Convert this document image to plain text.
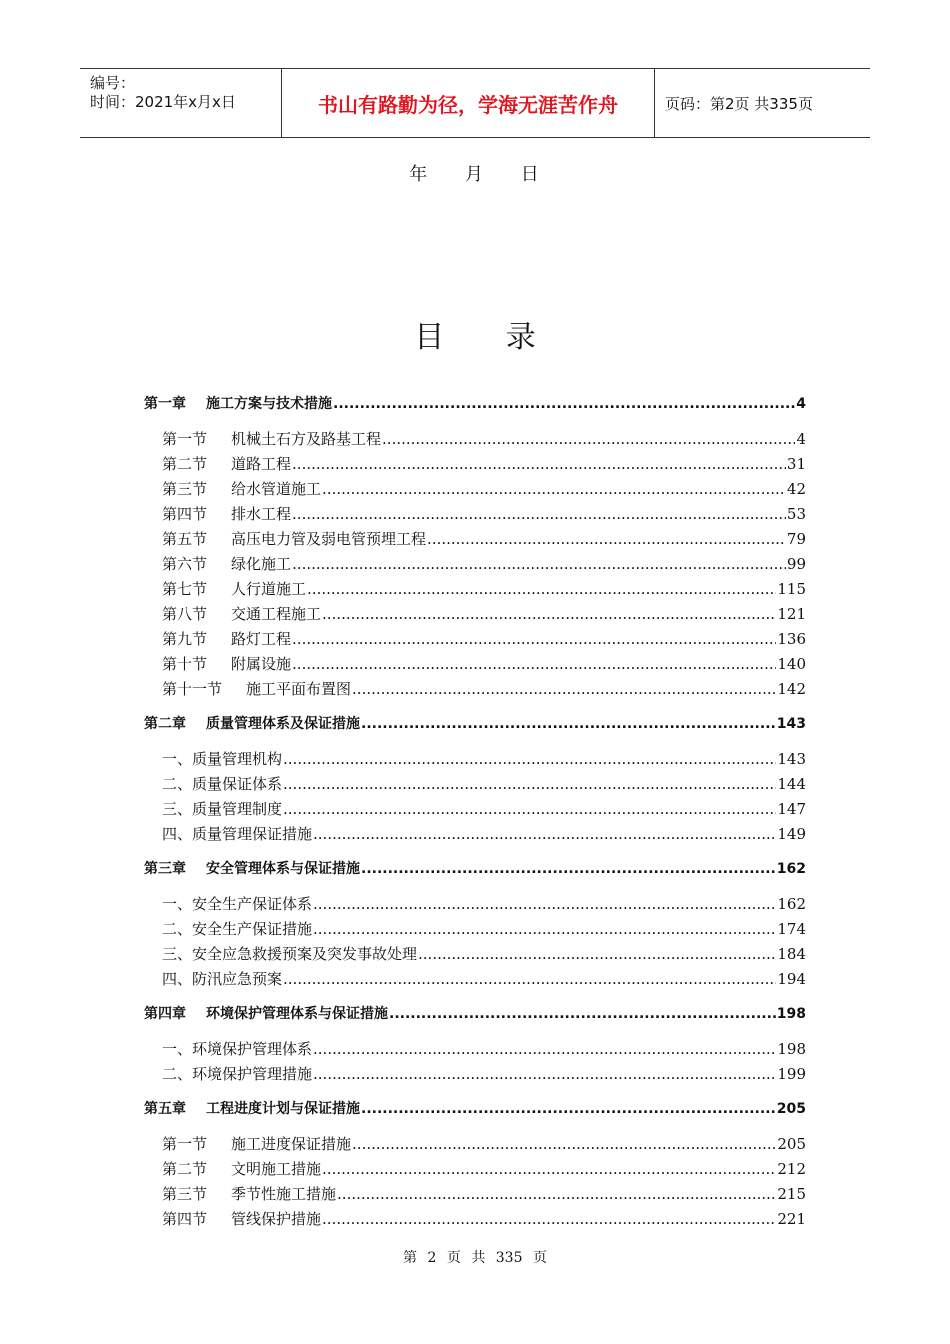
编号：
时间：2021年x月x日	书山有路勤为径，学海无涯苦作舟	页码：第2页 共335页
年 月 日
目 录
第一章 施工方案与技术措施 .....	4
第一节 机械土石方及路基工程 .....	4
第二节 道路工程 .....	31
第三节 给水管道施工 .....	42
第四节 排水工程 .....	53
第五节 高压电力管及弱电管预埋工程 .....	79
第六节 绿化施工 .....	99
第七节 人行道施工 .....	115
第八节 交通工程施工 .....	121
第九节 路灯工程 .....	136
第十节 附属设施 .....	140
第十一节 施工平面布置图 .....	142
第二章 质量管理体系及保证措施 .....	143
一、质量管理机构 .....	143
二、质量保证体系 .....	144
三、质量管理制度 .....	147
四、质量管理保证措施 .....	149
第三章 安全管理体系与保证措施 .....	162
一、安全生产保证体系 .....	162
二、安全生产保证措施 .....	174
三、安全应急救援预案及突发事故处理 .....	184
四、防汛应急预案 .....	194
第四章 环境保护管理体系与保证措施 .....	198
一、环境保护管理体系 .....	198
二、环境保护管理措施 .....	199
第五章 工程进度计划与保证措施 .....	205
第一节 施工进度保证措施 .....	205
第二节 文明施工措施 .....	212
第三节 季节性施工措施 .....	215
第四节 管线保护措施 .....	221
第 2 页 共 335 页
